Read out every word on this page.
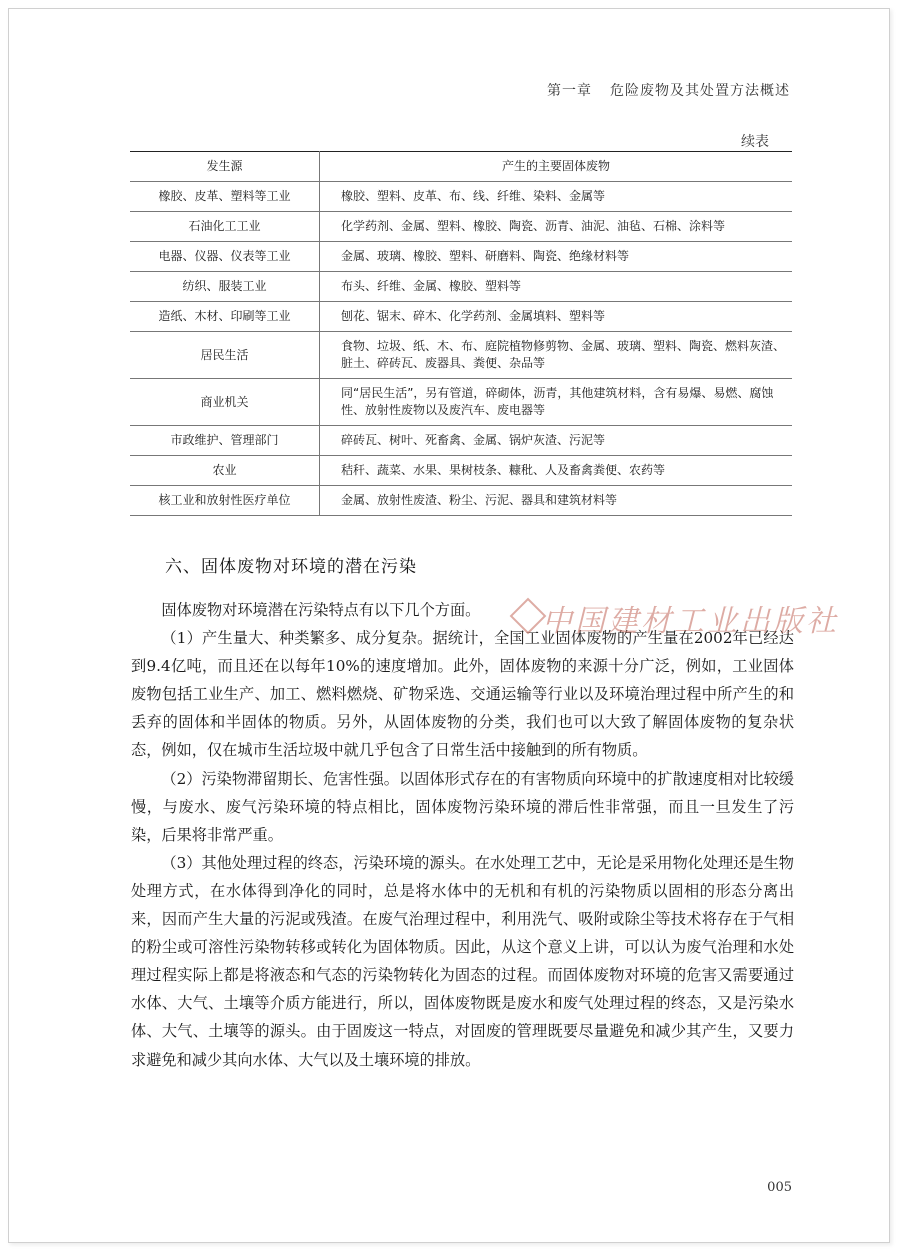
第一章 危险废物及其处置方法概述
续表
发生源	产生的主要固体废物
橡胶、皮革、塑料等工业	橡胶、塑料、皮革、布、线、纤维、染料、金属等
石油化工工业	化学药剂、金属、塑料、橡胶、陶瓷、沥青、油泥、油毡、石棉、涂料等
电器、仪器、仪表等工业	金属、玻璃、橡胶、塑料、研磨料、陶瓷、绝缘材料等
纺织、服装工业	布头、纤维、金属、橡胶、塑料等
造纸、木材、印刷等工业	刨花、锯末、碎木、化学药剂、金属填料、塑料等
居民生活	食物、垃圾、纸、木、布、庭院植物修剪物、金属、玻璃、塑料、陶瓷、燃料灰渣、脏土、碎砖瓦、废器具、粪便、杂品等
商业机关	同“居民生活”，另有管道，碎砌体，沥青，其他建筑材料，含有易爆、易燃、腐蚀性、放射性废物以及废汽车、废电器等
市政维护、管理部门	碎砖瓦、树叶、死畜禽、金属、锅炉灰渣、污泥等
农业	秸秆、蔬菜、水果、果树枝条、糠秕、人及畜禽粪便、农药等
核工业和放射性医疗单位	金属、放射性废渣、粉尘、污泥、器具和建筑材料等
六、固体废物对环境的潜在污染

固体废物对环境潜在污染特点有以下几个方面。

（1）产生量大、种类繁多、成分复杂。据统计，全国工业固体废物的产生量在2002年已经达到9.4亿吨，而且还在以每年10%的速度增加。此外，固体废物的来源十分广泛，例如，工业固体废物包括工业生产、加工、燃料燃烧、矿物采选、交通运输等行业以及环境治理过程中所产生的和丢弃的固体和半固体的物质。另外，从固体废物的分类，我们也可以大致了解固体废物的复杂状态，例如，仅在城市生活垃圾中就几乎包含了日常生活中接触到的所有物质。

（2）污染物滞留期长、危害性强。以固体形式存在的有害物质向环境中的扩散速度相对比较缓慢，与废水、废气污染环境的特点相比，固体废物污染环境的滞后性非常强，而且一旦发生了污染，后果将非常严重。

（3）其他处理过程的终态，污染环境的源头。在水处理工艺中，无论是采用物化处理还是生物处理方式，在水体得到净化的同时，总是将水体中的无机和有机的污染物质以固相的形态分离出来，因而产生大量的污泥或残渣。在废气治理过程中，利用洗气、吸附或除尘等技术将存在于气相的粉尘或可溶性污染物转移或转化为固体物质。因此，从这个意义上讲，可以认为废气治理和水处理过程实际上都是将液态和气态的污染物转化为固态的过程。而固体废物对环境的危害又需要通过水体、大气、土壤等介质方能进行，所以，固体废物既是废水和废气处理过程的终态，又是污染水体、大气、土壤等的源头。由于固废这一特点，对固废的管理既要尽量避免和减少其产生，又要力求避免和减少其向水体、大气以及土壤环境的排放。

中国建材工业出版社
005
